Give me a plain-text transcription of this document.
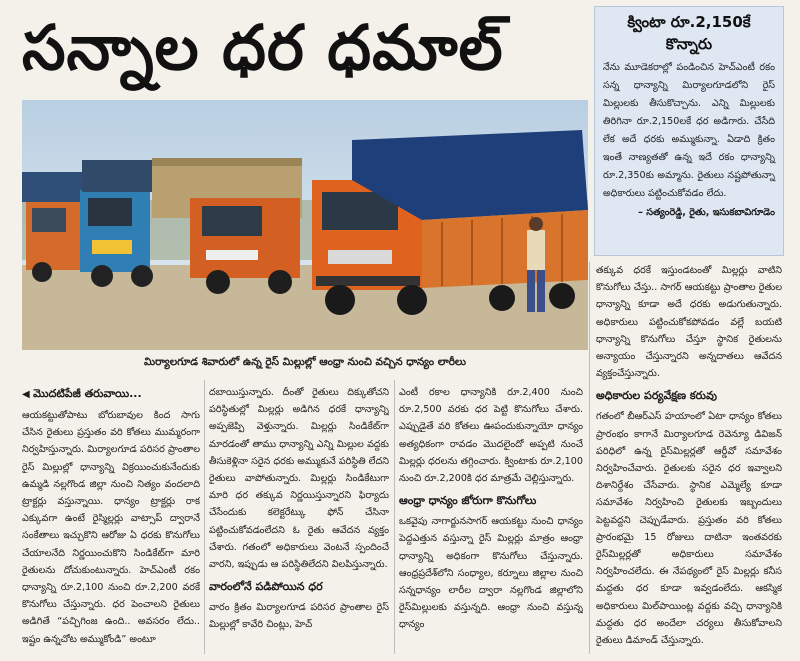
సన్నాల ధర ధమాల్
మిర్యాలగూడ శివారులో ఉన్న రైస్ మిల్లుల్లో ఆంధ్రా నుంచి వచ్చిన ధాన్యం లారీలు
క్వింటా రూ.2,150కే
కొన్నారు
నేను మూడెకరాల్లో పండించిన హెచ్ఎంటీ రకం సన్న ధాన్యాన్ని మిర్యాలగూడలోని రైస్ మిల్లులకు తీసుకొచ్చాను. ఎన్ని మిల్లులకు తిరిగినా రూ.2,150లకే ధర అడిగారు. చేసేది లేక అదే ధరకు అమ్ముకున్నా. ఏడాది క్రితం ఇంతే నాణ్యతతో ఉన్న ఇదే రకం ధాన్యాన్ని రూ.2,350కు అమ్మాను. రైతులు నష్టపోతున్నా అధికారులు పట్టించుకోవడం లేదు.
– సత్యంరెడ్డి, రైతు, ఇసుకబావిగూడెం

తక్కువ ధరకే ఇస్తుండటంతో మిల్లర్లు వాటిని కొనుగోలు చేస్తు.. సాగర్ ఆయకట్టు ప్రాంతాల రైతుల ధాన్యాన్ని కూడా అదే ధరకు అడుగుతున్నారు. అధికారులు పట్టించుకోకపోవడం వల్లే బయటి ధాన్యాన్ని కొనుగోలు చేస్తూ స్థానిక రైతులను అన్యాయం చేస్తున్నారని అన్నదాతలు ఆవేదన వ్యక్తంచేస్తున్నారు.

అధికారుల పర్యవేక్షణ కరువు

గతంలో బీఆర్ఎస్ హయాంలో ఏటా ధాన్యం కోతలు ప్రారంభం కాగానే మిర్యాలగూడ రెవెన్యూ డివిజన్ పరిధిలో ఉన్న రైస్‌మిల్లర్లతో ఆర్డీవో సమావేశం నిర్వహించేవారు. రైతులకు సరైన ధర ఇవ్వాలని దిశానిర్దేశం చేసేవారు. స్థానిక ఎమ్మెల్యే కూడా సమావేశం నిర్వహించి రైతులకు ఇబ్బందులు పెట్టవద్దని చెప్పుడేవారు. ప్రస్తుతం వరి కోతలు ప్రారంభమై 15 రోజులు దాటినా ఇంతవరకు రైస్‌మిల్లర్లతో అధికారులు సమావేశం నిర్వహించలేదు. ఈ నేపథ్యంలో రైస్ మిల్లర్లు కనీస మద్దతు ధర కూడా ఇవ్వడంలేదు. ఆకస్మిక అధికారులు మిల్‌పాయింట్ల వద్దకు వచ్చి ధాన్యానికి మద్దతు ధర అందేలా చర్యలు తీసుకోవాలని రైతులు డిమాండ్ చేస్తున్నారు.

◀ మొదటిపేజీ తరువాయి...

ఆయకట్టుతోపాటు బోరుబావుల కింద సాగు చేసిన రైతులు ప్రస్తుతం వరి కోతలు ముమ్మరంగా నిర్వహిస్తున్నారు. మిర్యాలగూడ పరిసర ప్రాంతాల రైస్ మిల్లుల్లో ధాన్యాన్ని విక్రయించుకునేందుకు ఉమ్మడి నల్లగొండ జిల్లా నుంచి నిత్యం వందలాది ట్రాక్టర్లు వస్తున్నాయి. ధాన్యం ట్రాక్టర్లు రాక ఎక్కువగా ఉంటే రైస్మిల్లర్లు వాట్సాప్ ద్వారానే సంకేతాలు ఇచ్చుకొని ఆరోజు ఏ ధరకు కొనుగోలు చేయాలనేది నిర్ణయించుకొని సిండికేట్‌గా మారి రైతులను దోచుకుంటున్నారు. హెచ్ఎంటీ రకం ధాన్యాన్ని రూ.2,100 నుంచి రూ.2,200 వరకే కొనుగోలు చేస్తున్నారు. ధర పెంచాలని రైతులు అడిగితే “పచ్చిగింజ ఉంది.. అవసరం లేదు.. ఇష్టం ఉన్నచోట అమ్ముకోండి” అంటూ

దబాయిస్తున్నారు. దీంతో రైతులు దిక్కుతోచని పరిస్థితుల్లో మిల్లర్లు అడిగిన ధరకే ధాన్యాన్ని అప్పజెప్పి వెళ్తున్నారు. మిల్లర్లు సిండికేట్‌గా మారడంతో తాము ధాన్యాన్ని ఎన్ని మిల్లుల వద్దకు తీసుకెళ్లినా సరైన ధరకు అమ్ముకునే పరిస్థితి లేదని రైతులు వాపోతున్నారు. మిల్లర్లు సిండికేటుగా మారి ధర తక్కువ నిర్ణయిస్తున్నారని ఫిర్యాదు చేసేందుకు కలెక్టరేట్కు ఫోన్ చేసినా పట్టించుకోవడంలేదని ఓ రైతు ఆవేదన వ్యక్తం చేశారు. గతంలో అధికారులు వెంటనే స్పందించే వారని, ఇప్పుడు ఆ పరిస్థితిలేదని విలపిస్తున్నారు.

వారంలోనే పడిపోయిన ధర

వారం క్రితం మిర్యాలగూడ పరిసర ప్రాంతాల రైస్ మిల్లుల్లో కావేరి చింట్లు, హెచ్

ఎంటీ రకాల ధాన్యానికి రూ.2,400 నుంచి రూ.2,500 వరకు ధర పెట్టి కొనుగోలు చేశారు. ఎప్పుడైతే వరి కోతలు ఊపందుకున్నాయో ధాన్యం అత్యధికంగా రావడం మొదలైందో అప్పటి నుంచే మిల్లర్లు ధరలను తగ్గించారు. క్వింటాకు రూ.2,100 నుంచి రూ.2,200కి ధర మాత్రమే చెల్లిస్తున్నారు.

ఆంధ్రా ధాన్యం జోరుగా కొనుగోలు

ఒకవైపు నాగార్జునసాగర్ ఆయకట్టు నుంచి ధాన్యం పెద్దఎత్తున వస్తున్నా రైస్ మిల్లర్లు మాత్రం ఆంధ్రా ధాన్యాన్ని అధికంగా కొనుగోలు చేస్తున్నారు. ఆంధ్రప్రదేశ్‌లోని సంధ్యాల, కర్నూలు జిల్లాల నుంచి సన్నధాన్యం లారీల ద్వారా నల్లగొండ జిల్లాలోని రైస్‌మిల్లులకు వస్తున్నది. ఆంధ్రా నుంచి వస్తున్న ధాన్యం
